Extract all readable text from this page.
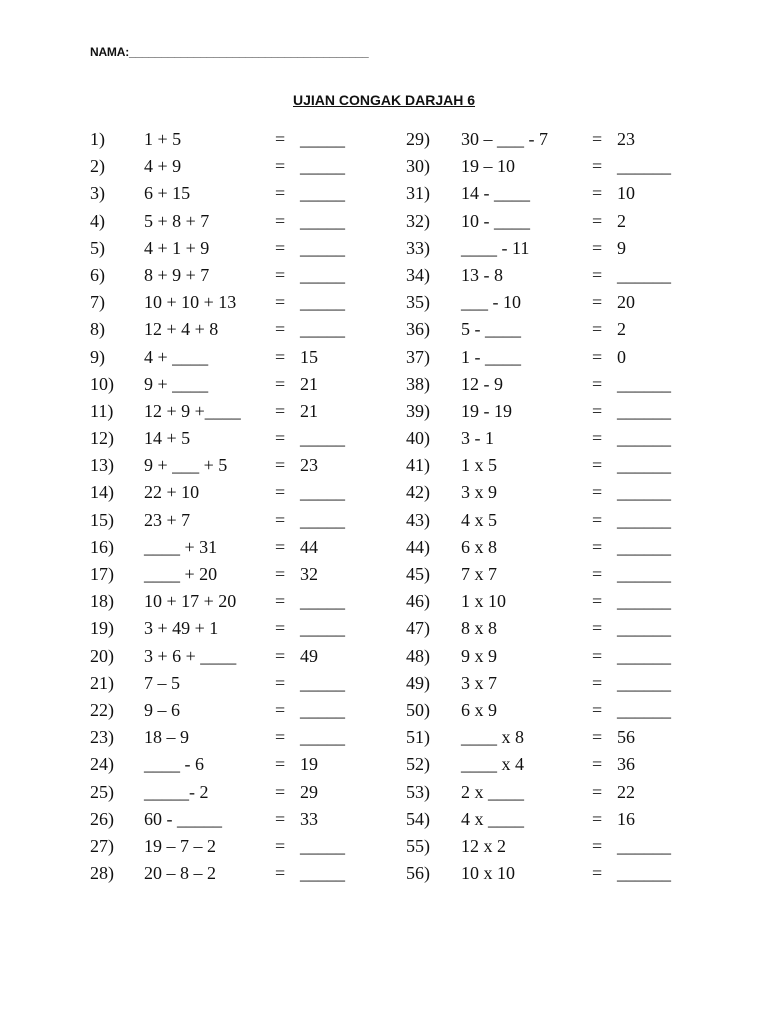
NAMA:_____________________________________
UJIAN CONGAK DARJAH 6
1) 1 + 5	= _____
2) 4 + 9	= _____
3) 6 + 15	= _____
4) 5 + 8 + 7	= _____
5) 4 + 1 + 9	= _____
6) 8 + 9 + 7	= _____
7) 10 + 10 + 13 = _____
8) 12 + 4 + 8	= _____
9) 4 + ____	= 15
10) 9 + ____	= 21
11) 12 + 9 +____ = 21
12) 14 + 5	= _____
13) 9 + ___ + 5	= 23
14) 22 + 10	= _____
15) 23 + 7	= _____
16) ____ + 31	= 44
17) ____ + 20	= 32
18) 10 + 17 + 20 = _____
19) 3 + 49 + 1	= _____
20) 3 + 6 + ____ = 49
21) 7 – 5	= _____
22) 9 – 6	= _____
23) 18 – 9	= _____
24) ____ - 6	= 19
25) _____- 2	= 29
26) 60 - _____	= 33
27) 19 – 7 – 2	= _____
28) 20 – 8 – 2	= _____
29) 30 – ___ - 7 = 23
30) 19 – 10	= ______
31) 14 - ____	= 10
32) 10 - ____	= 2
33) ____ - 11	= 9
34) 13 - 8	= ______
35) ___ - 10	= 20
36) 5 - ____	= 2
37) 1 - ____	= 0
38) 12 - 9	= ______
39) 19 - 19	= ______
40) 3 - 1	= ______
41) 1 x 5	= ______
42) 3 x 9	= ______
43) 4 x 5	= ______
44) 6 x 8	= ______
45) 7 x 7	= ______
46) 1 x 10	= ______
47) 8 x 8	= ______
48) 9 x 9	= ______
49) 3 x 7	= ______
50) 6 x 9	= ______
51) ____ x 8	= 56
52) ____ x 4	= 36
53) 2 x ____	= 22
54) 4 x ____	= 16
55) 12 x 2	= ______
56) 10 x 10	= ______
